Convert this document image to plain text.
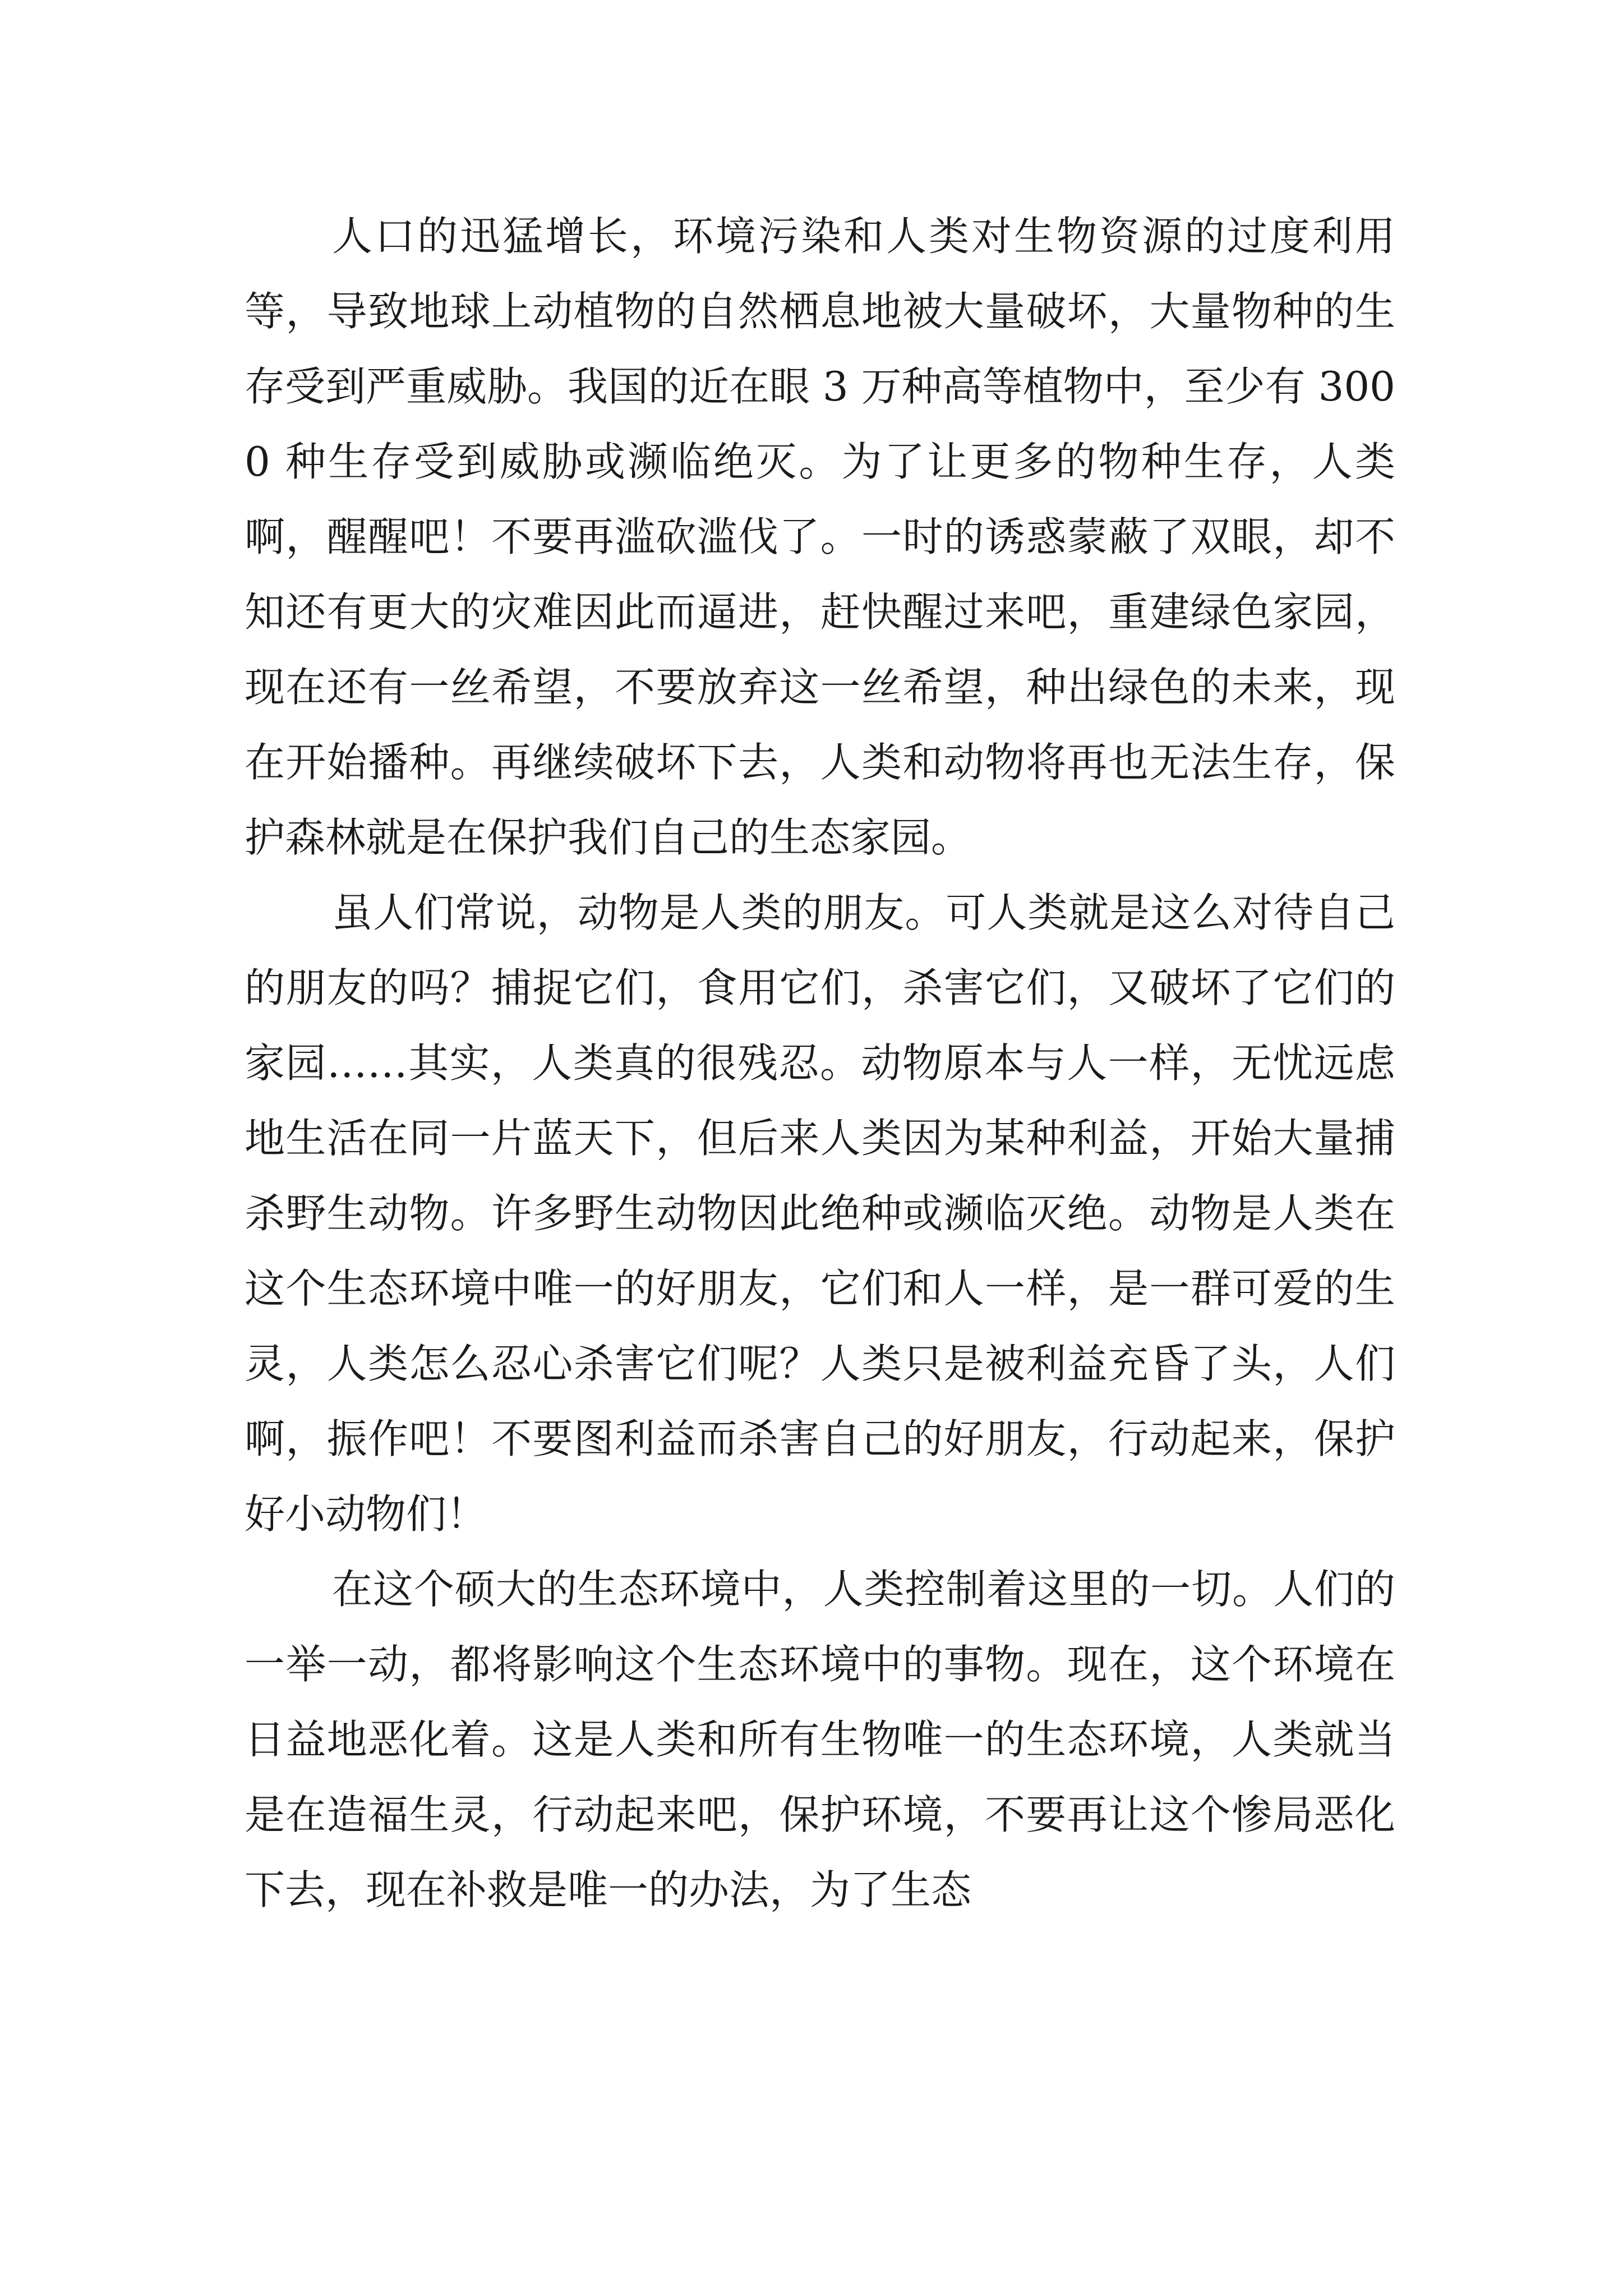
人口的迅猛增长，环境污染和人类对生物资源的过度利用等，导致地球上动植物的自然栖息地被大量破坏，大量物种的生存受到严重威胁。我国的近在眼 3 万种高等植物中，至少有 3000 种生存受到威胁或濒临绝灭。为了让更多的物种生存，人类啊，醒醒吧！不要再滥砍滥伐了。一时的诱惑蒙蔽了双眼，却不知还有更大的灾难因此而逼进，赶快醒过来吧，重建绿色家园，现在还有一丝希望，不要放弃这一丝希望，种出绿色的未来，现在开始播种。再继续破坏下去，人类和动物将再也无法生存，保护森林就是在保护我们自己的生态家园。

虽人们常说，动物是人类的朋友。可人类就是这么对待自己的朋友的吗？捕捉它们，食用它们，杀害它们，又破坏了它们的家园……其实，人类真的很残忍。动物原本与人一样，无忧远虑地生活在同一片蓝天下，但后来人类因为某种利益，开始大量捕杀野生动物。许多野生动物因此绝种或濒临灭绝。动物是人类在这个生态环境中唯一的好朋友，它们和人一样，是一群可爱的生灵，人类怎么忍心杀害它们呢？人类只是被利益充昏了头，人们啊，振作吧！不要图利益而杀害自己的好朋友，行动起来，保护好小动物们！

在这个硕大的生态环境中，人类控制着这里的一切。人们的一举一动，都将影响这个生态环境中的事物。现在，这个环境在日益地恶化着。这是人类和所有生物唯一的生态环境，人类就当是在造福生灵，行动起来吧，保护环境，不要再让这个惨局恶化下去，现在补救是唯一的办法，为了生态
